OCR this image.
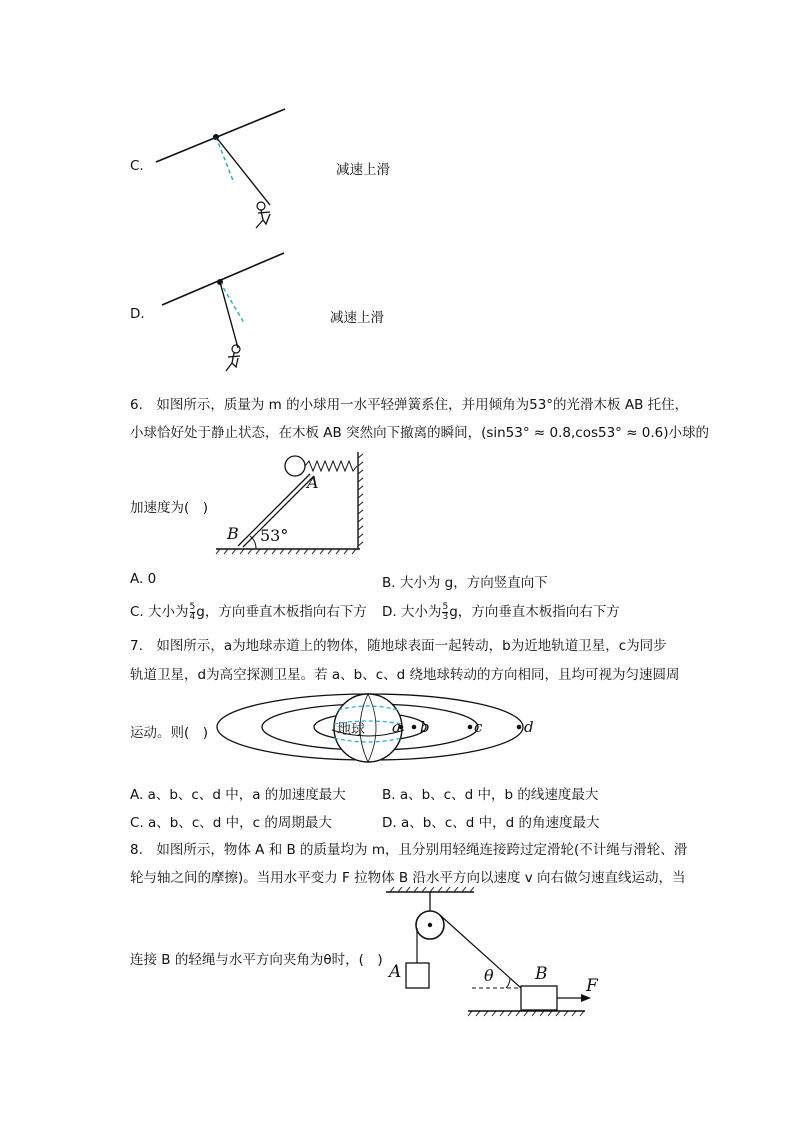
C.	减速上滑
D.	减速上滑
6.　如图所示，质量为 m 的小球用一水平轻弹簧系住，并用倾角为53°的光滑木板 AB 托住，
小球恰好处于静止状态，在木板 AB 突然向下撤离的瞬间，(sin53° ≈ 0.8,cos53° ≈ 0.6)小球的
A
B 53°
加速度为(　)
A. 0	B. 大小为 g，方向竖直向下
C. 大小为 $\frac{5}{4}$ g，方向垂直木板指向右下方 D. 大小为 $\frac{5}{3}$ g，方向垂直木板指向右下方
7.　如图所示，a为地球赤道上的物体，随地球表面一起转动，b为近地轨道卫星，c为同步
轨道卫星，d为高空探测卫星。若 a、b、c、d 绕地球转动的方向相同，且均可视为匀速圆周
运动。则(　)	地球 a b	c	d
A. a、b、c、d 中，a 的加速度最大	B. a、b、c、d 中，b 的线速度最大
C. a、b、c、d 中，c 的周期最大	D. a、b、c、d 中，d 的角速度最大
8.　如图所示，物体 A 和 B 的质量均为 m，且分别用轻绳连接跨过定滑轮(不计绳与滑轮、滑
轮与轴之间的摩擦)。当用水平变力 F 拉物体 B 沿水平方向以速度 v 向右做匀速直线运动，当
连接 B 的轻绳与水平方向夹角为θ时，(　)
A	B
θ
F
